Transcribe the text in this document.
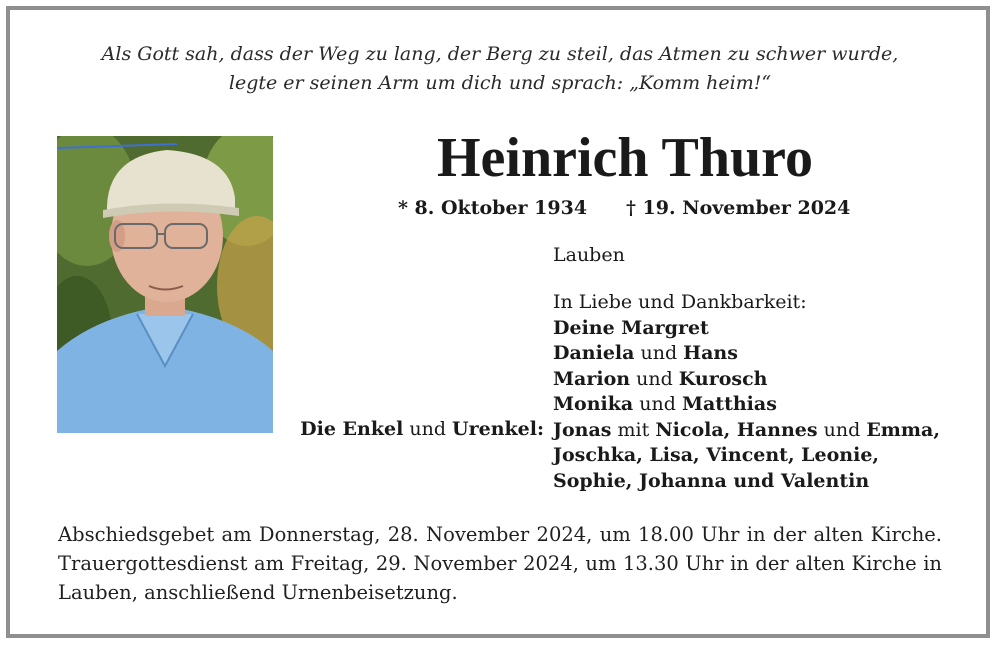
Als Gott sah, dass der Weg zu lang, der Berg zu steil, das Atmen zu schwer wurde,
legte er seinen Arm um dich und sprach: „Komm heim!“
Heinrich Thuro
* 8. Oktober 1934 † 19. November 2024
Lauben
In Liebe und Dankbarkeit:
Deine Margret
Daniela und Hans
Marion und Kurosch
Monika und Matthias
Jonas mit Nicola, Hannes und Emma,
Joschka, Lisa, Vincent, Leonie,
Sophie, Johanna und Valentin
Die Enkel und Urenkel:
Abschiedsgebet am Donnerstag, 28. November 2024, um 18.00 Uhr in der alten Kirche. Trauergottesdienst am Freitag, 29. November 2024, um 13.30 Uhr in der alten Kirche in Lauben, anschließend Urnenbeisetzung.
